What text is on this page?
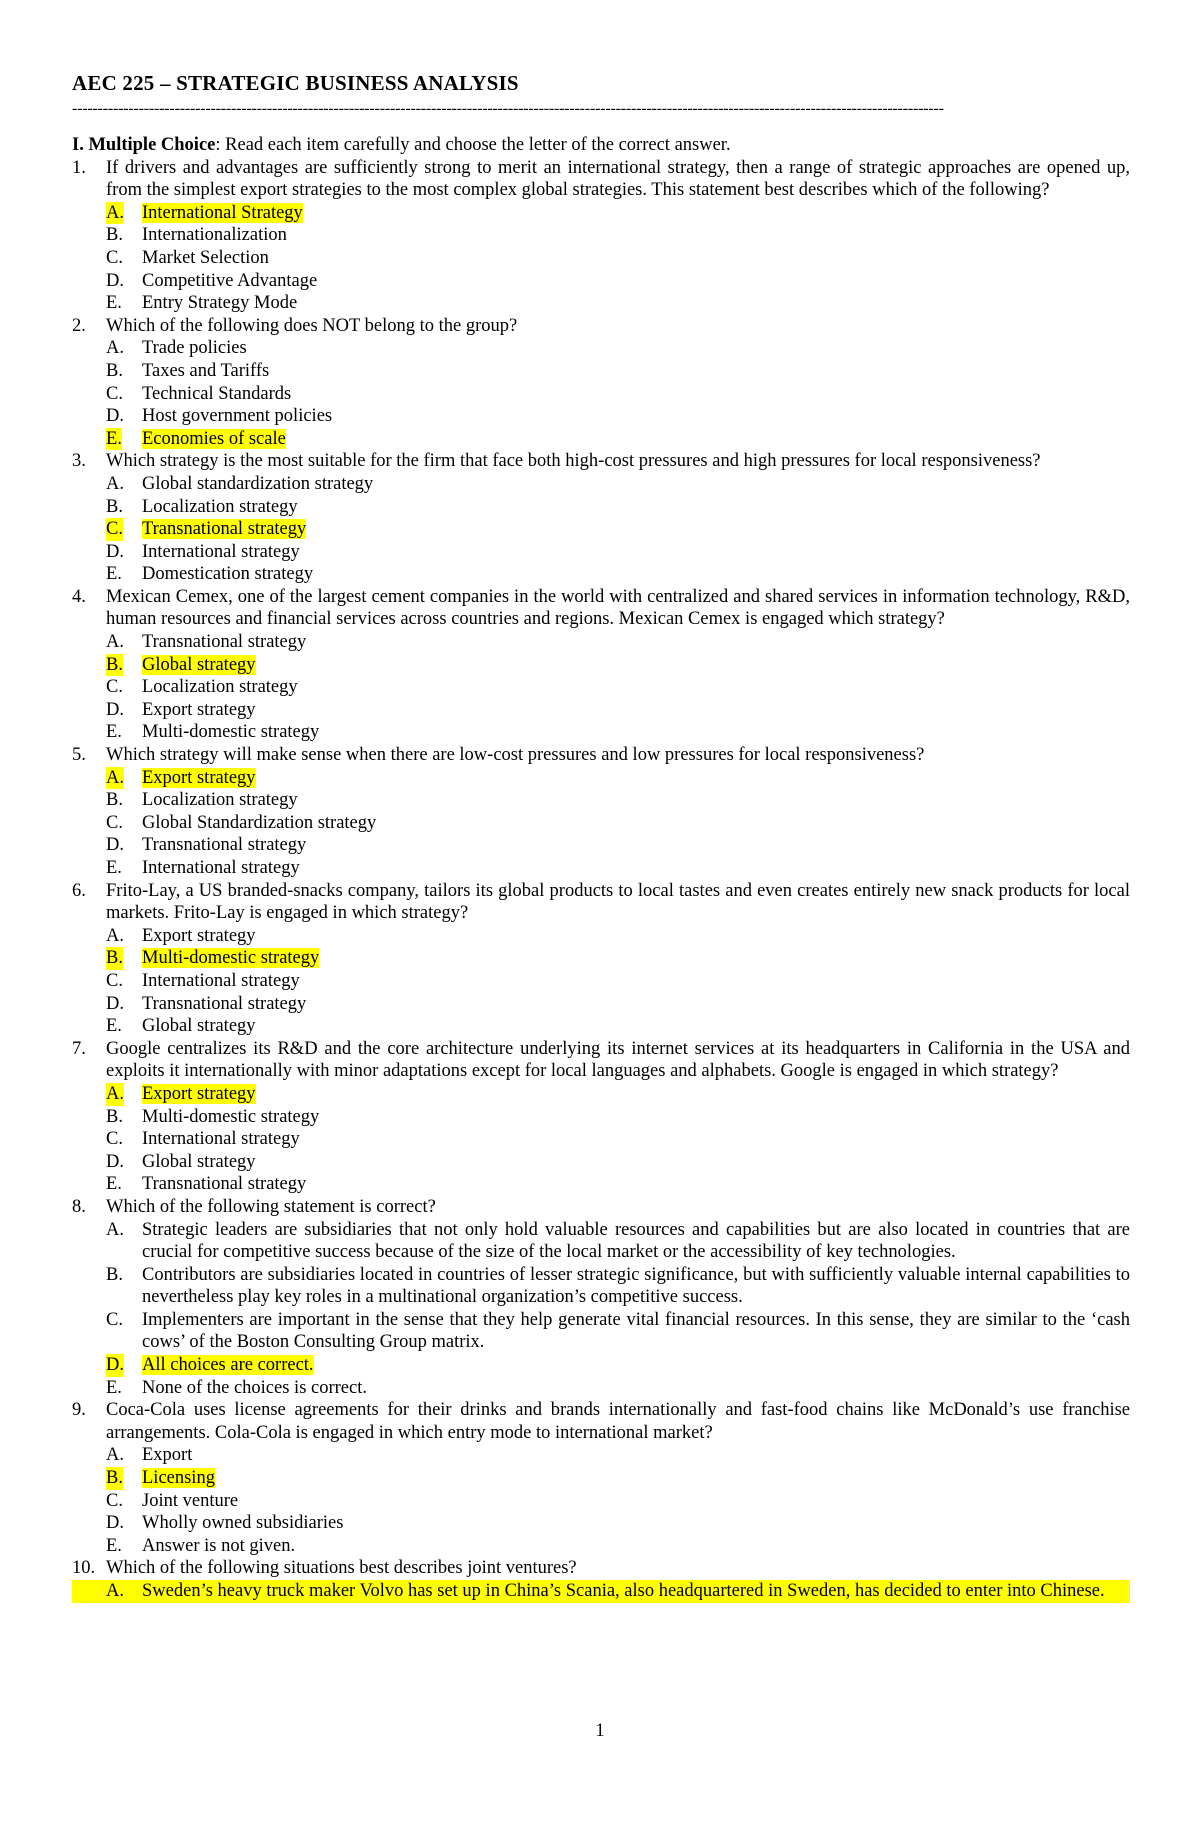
AEC 225 – STRATEGIC BUSINESS ANALYSIS
--------------------------------------------------------------------------------------------------------------------------------------------------------------------------
I. Multiple Choice: Read each item carefully and choose the letter of the correct answer.
1. If drivers and advantages are sufficiently strong to merit an international strategy, then a range of strategic approaches are opened up, from the simplest export strategies to the most complex global strategies. This statement best describes which of the following?
A. International Strategy
B. Internationalization
C. Market Selection
D. Competitive Advantage
E. Entry Strategy Mode
2. Which of the following does NOT belong to the group?
A. Trade policies
B. Taxes and Tariffs
C. Technical Standards
D. Host government policies
E. Economies of scale
3. Which strategy is the most suitable for the firm that face both high-cost pressures and high pressures for local responsiveness?
A. Global standardization strategy
B. Localization strategy
C. Transnational strategy
D. International strategy
E. Domestication strategy
4. Mexican Cemex, one of the largest cement companies in the world with centralized and shared services in information technology, R&D, human resources and financial services across countries and regions. Mexican Cemex is engaged which strategy?
A. Transnational strategy
B. Global strategy
C. Localization strategy
D. Export strategy
E. Multi-domestic strategy
5. Which strategy will make sense when there are low-cost pressures and low pressures for local responsiveness?
A. Export strategy
B. Localization strategy
C. Global Standardization strategy
D. Transnational strategy
E. International strategy
6. Frito-Lay, a US branded-snacks company, tailors its global products to local tastes and even creates entirely new snack products for local markets. Frito-Lay is engaged in which strategy?
A. Export strategy
B. Multi-domestic strategy
C. International strategy
D. Transnational strategy
E. Global strategy
7. Google centralizes its R&D and the core architecture underlying its internet services at its headquarters in California in the USA and exploits it internationally with minor adaptations except for local languages and alphabets. Google is engaged in which strategy?
A. Export strategy
B. Multi-domestic strategy
C. International strategy
D. Global strategy
E. Transnational strategy
8. Which of the following statement is correct?
A. Strategic leaders are subsidiaries that not only hold valuable resources and capabilities but are also located in countries that are crucial for competitive success because of the size of the local market or the accessibility of key technologies.
B. Contributors are subsidiaries located in countries of lesser strategic significance, but with sufficiently valuable internal capabilities to nevertheless play key roles in a multinational organization’s competitive success.
C. Implementers are important in the sense that they help generate vital financial resources. In this sense, they are similar to the ‘cash cows’ of the Boston Consulting Group matrix.
D. All choices are correct.
E. None of the choices is correct.
9. Coca-Cola uses license agreements for their drinks and brands internationally and fast-food chains like McDonald’s use franchise arrangements. Cola-Cola is engaged in which entry mode to international market?
A. Export
B. Licensing
C. Joint venture
D. Wholly owned subsidiaries
E. Answer is not given.
10. Which of the following situations best describes joint ventures?
A. Sweden’s heavy truck maker Volvo has set up in China’s Scania, also headquartered in Sweden, has decided to enter into Chinese.
1
